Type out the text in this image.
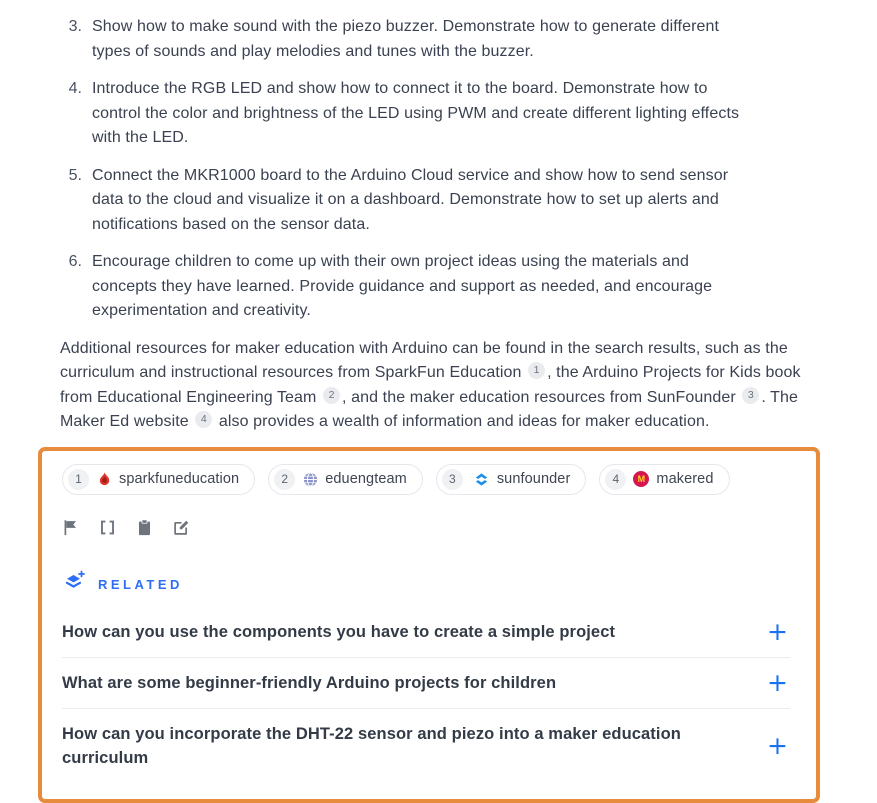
3. Show how to make sound with the piezo buzzer. Demonstrate how to generate different types of sounds and play melodies and tunes with the buzzer.
4. Introduce the RGB LED and show how to connect it to the board. Demonstrate how to control the color and brightness of the LED using PWM and create different lighting effects with the LED.
5. Connect the MKR1000 board to the Arduino Cloud service and show how to send sensor data to the cloud and visualize it on a dashboard. Demonstrate how to set up alerts and notifications based on the sensor data.
6. Encourage children to come up with their own project ideas using the materials and concepts they have learned. Provide guidance and support as needed, and encourage experimentation and creativity.

Additional resources for maker education with Arduino can be found in the search results, such as the curriculum and instructional resources from SparkFun Education $^1$ , the Arduino Projects for Kids book from Educational Engineering Team $^2$ , and the maker education resources from SunFounder $^3$ . The Maker Ed website $^4$ also provides a wealth of information and ideas for maker education.

1	sparkfuneducation	2	eduengteam	3	sunfounder	4	M makered
RELATED
How can you use the components you have to create a simple project	+
What are some beginner-friendly Arduino projects for children	+
How can you incorporate the DHT-22 sensor and piezo into a maker education curriculum	+
